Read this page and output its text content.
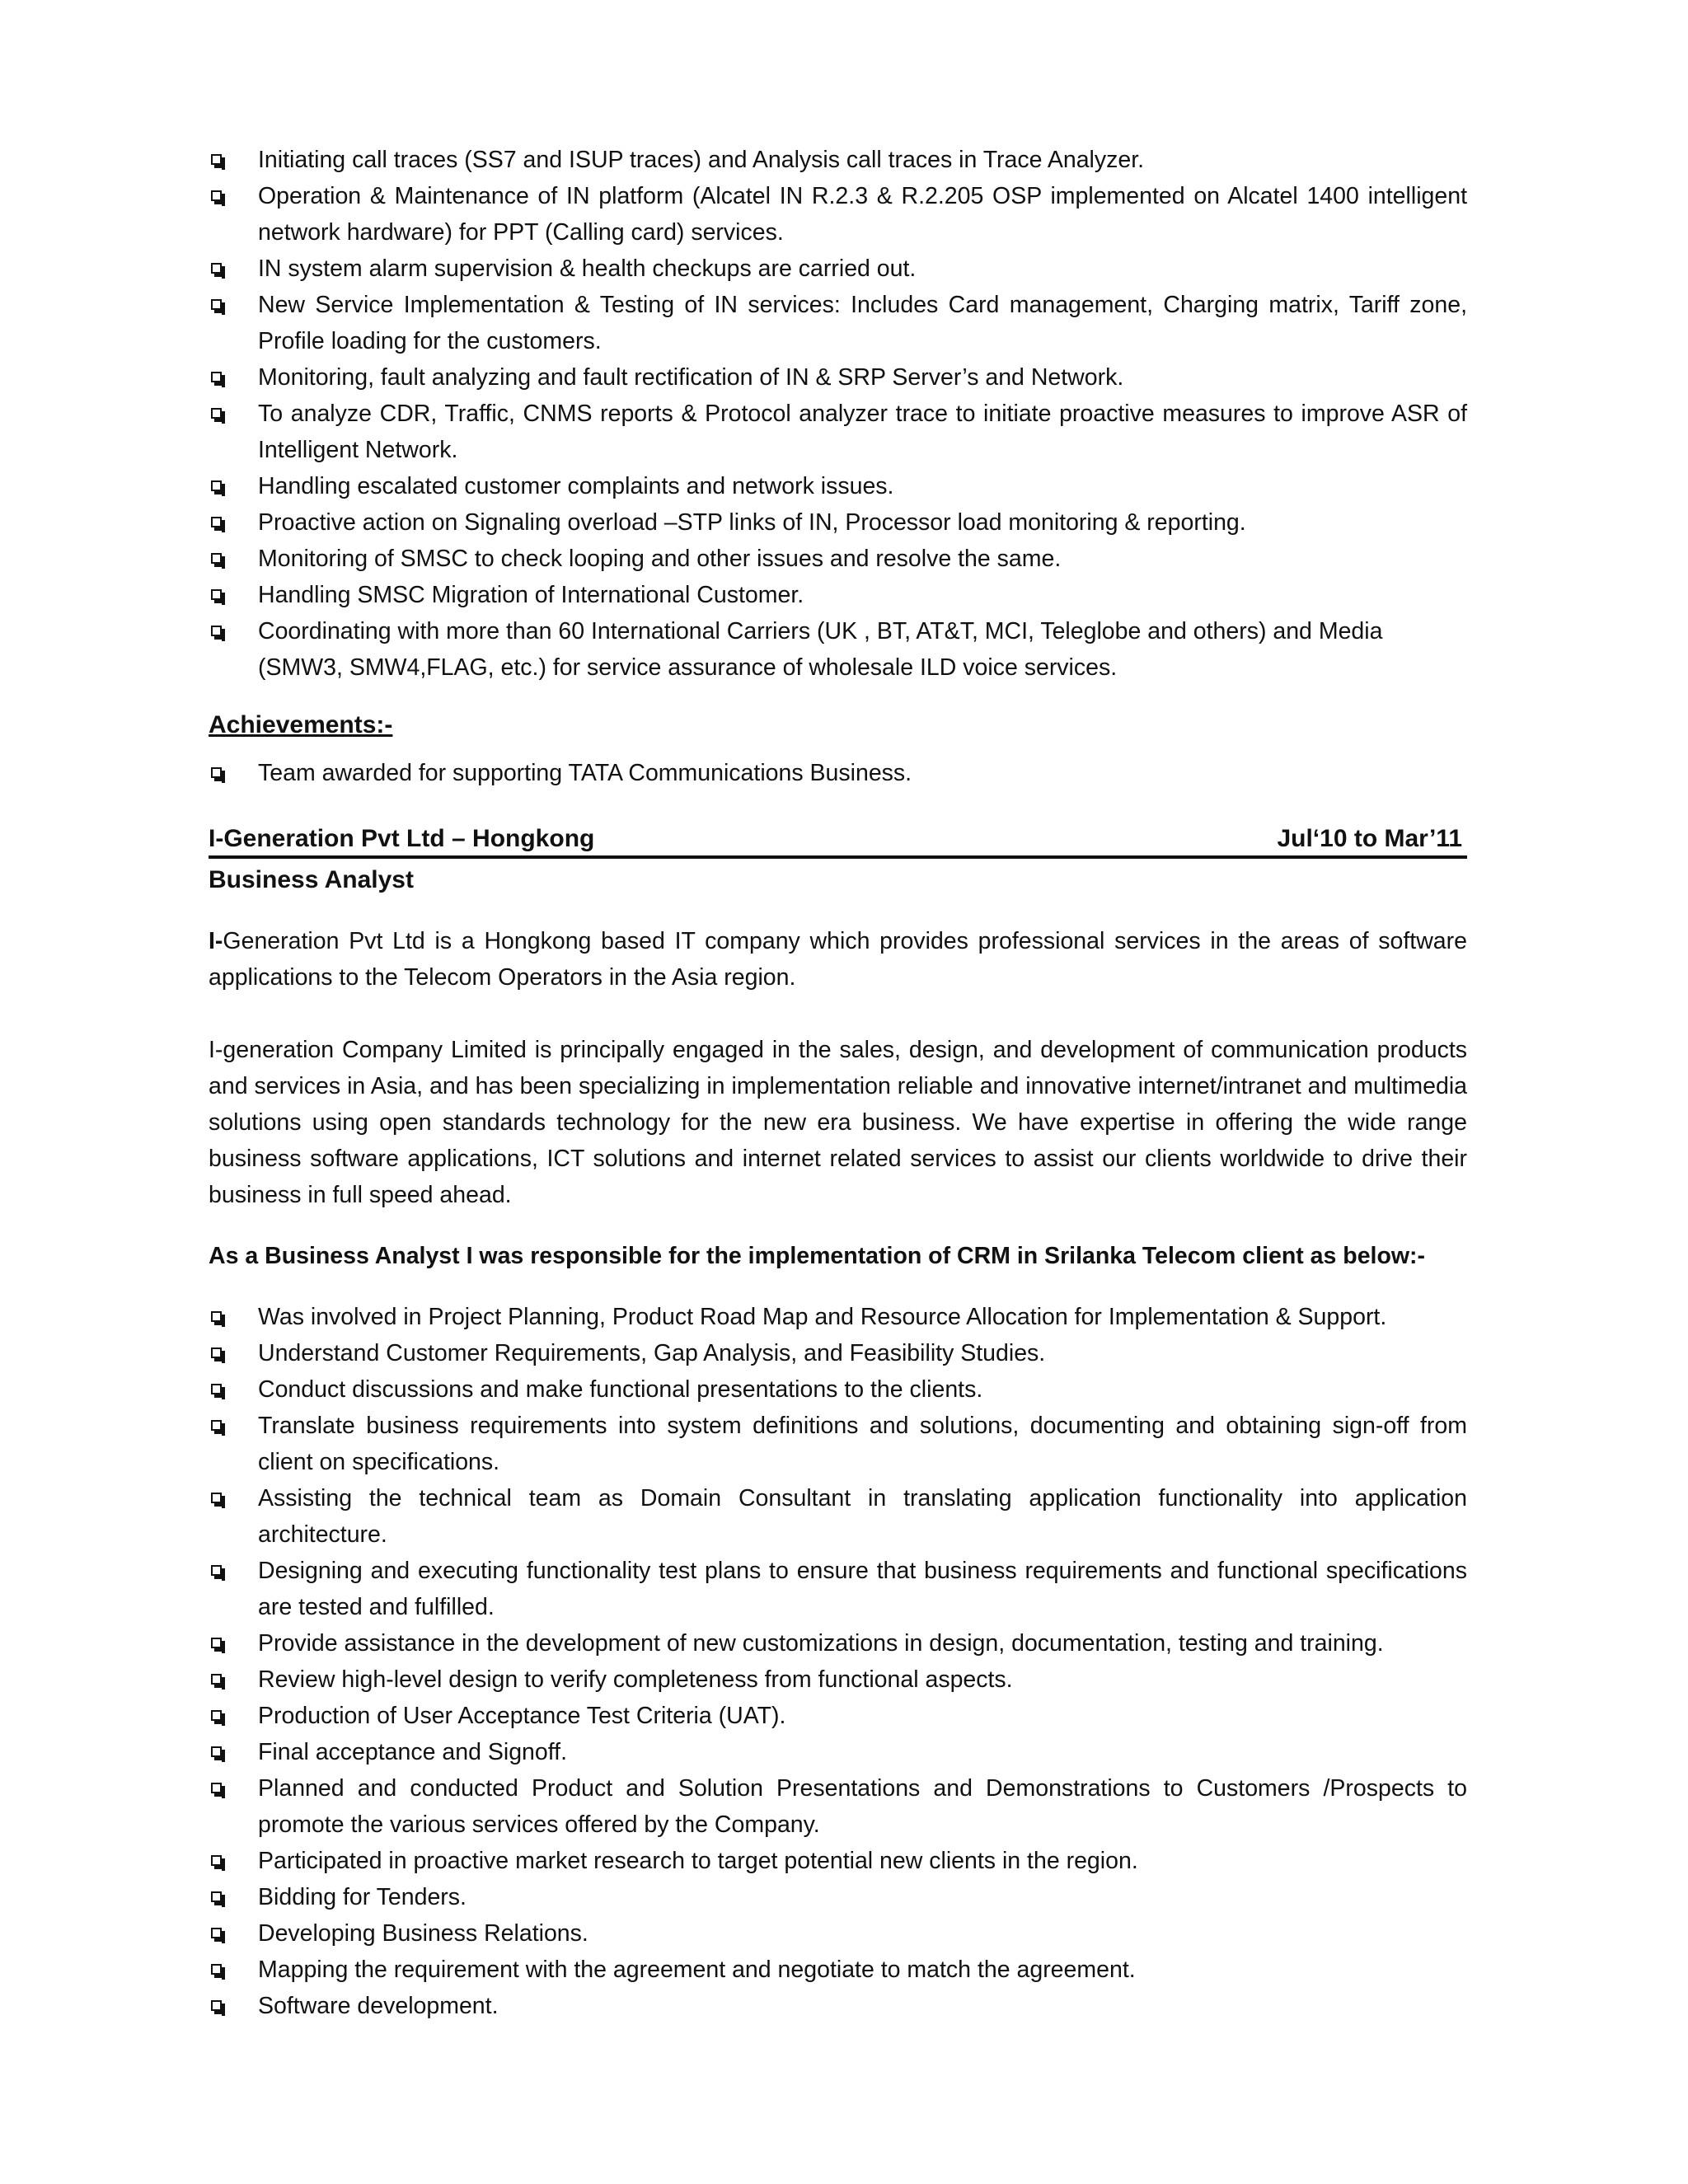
Initiating call traces (SS7 and ISUP traces) and Analysis call traces in Trace Analyzer.
Operation & Maintenance of IN platform (Alcatel IN R.2.3 & R.2.205 OSP implemented on Alcatel 1400 intelligent network hardware) for PPT (Calling card) services.
IN system alarm supervision & health checkups are carried out.
New Service Implementation & Testing of IN services: Includes Card management, Charging matrix, Tariff zone, Profile loading for the customers.
Monitoring, fault analyzing and fault rectification of IN & SRP Server’s and Network.
To analyze CDR, Traffic, CNMS reports & Protocol analyzer trace to initiate proactive measures to improve ASR of Intelligent Network.
Handling escalated customer complaints and network issues.
Proactive action on Signaling overload –STP links of IN, Processor load monitoring & reporting.
Monitoring of SMSC to check looping and other issues and resolve the same.
Handling SMSC Migration of International Customer.
Coordinating with more than 60 International Carriers (UK , BT, AT&T, MCI, Teleglobe and others) and Media (SMW3, SMW4,FLAG, etc.) for service assurance of wholesale ILD voice services.
Achievements:-
Team awarded for supporting TATA Communications Business.
I-Generation Pvt Ltd – Hongkong	Jul‘10 to Mar’11
Business Analyst

I-Generation Pvt Ltd is a Hongkong based IT company which provides professional services in the areas of software applications to the Telecom Operators in the Asia region.

I-generation Company Limited is principally engaged in the sales, design, and development of communication products and services in Asia, and has been specializing in implementation reliable and innovative internet/intranet and multimedia solutions using open standards technology for the new era business. We have expertise in offering the wide range business software applications, ICT solutions and internet related services to assist our clients worldwide to drive their business in full speed ahead.

As a Business Analyst I was responsible for the implementation of CRM in Srilanka Telecom client as below:-

Was involved in Project Planning, Product Road Map and Resource Allocation for Implementation & Support.
Understand Customer Requirements, Gap Analysis, and Feasibility Studies.
Conduct discussions and make functional presentations to the clients.
Translate business requirements into system definitions and solutions, documenting and obtaining sign-off from client on specifications.
Assisting the technical team as Domain Consultant in translating application functionality into application architecture.
Designing and executing functionality test plans to ensure that business requirements and functional specifications are tested and fulfilled.
Provide assistance in the development of new customizations in design, documentation, testing and training.
Review high-level design to verify completeness from functional aspects.
Production of User Acceptance Test Criteria (UAT).
Final acceptance and Signoff.
Planned and conducted Product and Solution Presentations and Demonstrations to Customers /Prospects to promote the various services offered by the Company.
Participated in proactive market research to target potential new clients in the region.
Bidding for Tenders.
Developing Business Relations.
Mapping the requirement with the agreement and negotiate to match the agreement.
Software development.
